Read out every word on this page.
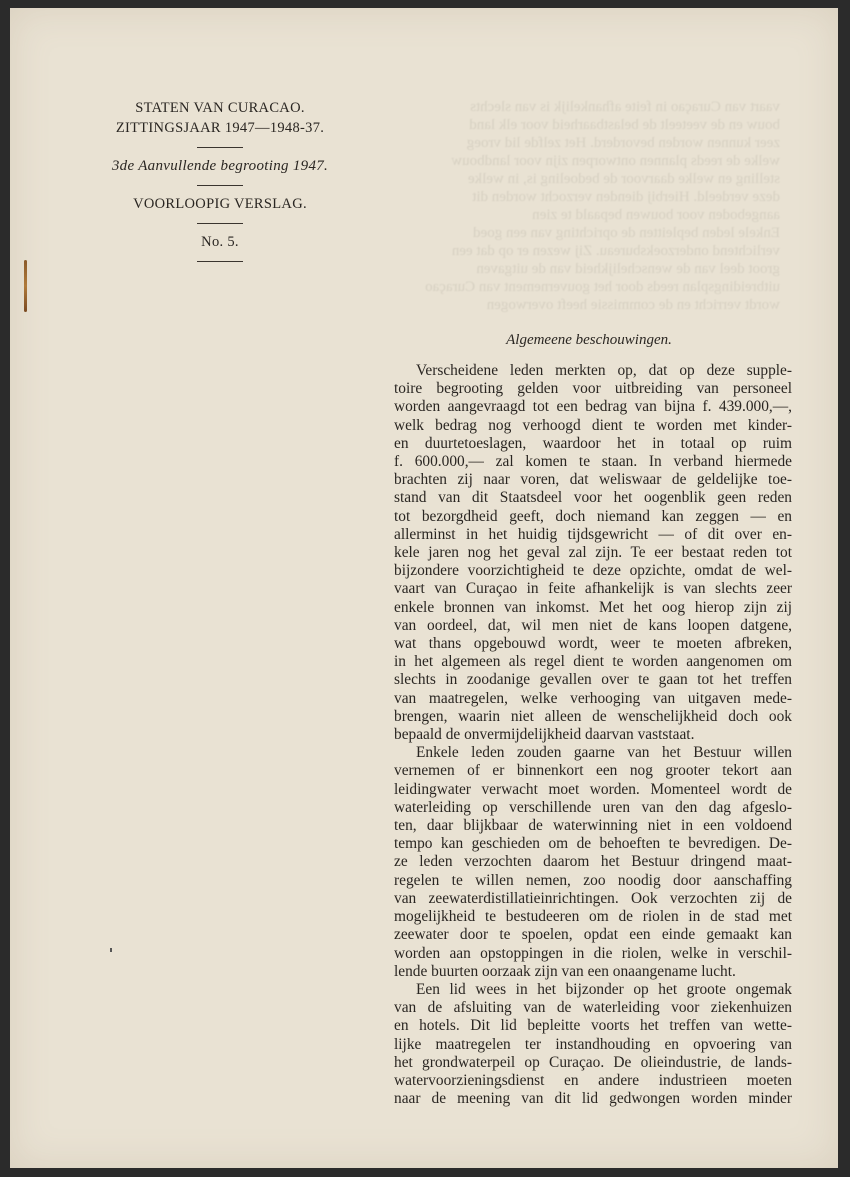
vaart van Curaçao in feite afhankelijk is van slechts
bouw en de veeteelt de belastbaarheid voor elk land
zeer kunnen worden bevorderd. Het zelfde lid vroeg
welke de reeds plannen ontworpen zijn voor landbouw
stelling en welke daarvoor de bedoeling is, in welke
deze verdeeld. Hierbij dienden verzocht worden dit
aangeboden voor bouwen bepaald te zien
Enkele leden bepleitten de oprichting van een goed
verlichtend onderzoeksbureau. Zij wezen er op dat een
groot deel van de wenschelijkheid van de uitgaven
uitbreidingsplan reeds door het gouvernement van Curaçao
wordt verricht en de commissie heeft overwogen
STATEN VAN CURACAO.
ZITTINGSJAAR 1947—1948-37.
3de Aanvullende begrooting 1947.
VOORLOOPIG VERSLAG.
No. 5.
Algemeene beschouwingen.
Verscheidene leden merkten op, dat op deze supple-
toire begrooting gelden voor uitbreiding van personeel
worden aangevraagd tot een bedrag van bijna f. 439.000,—,
welk bedrag nog verhoogd dient te worden met kinder-
en duurtetoeslagen, waardoor het in totaal op ruim
f. 600.000,— zal komen te staan. In verband hiermede
brachten zij naar voren, dat weliswaar de geldelijke toe-
stand van dit Staatsdeel voor het oogenblik geen reden
tot bezorgdheid geeft, doch niemand kan zeggen — en
allerminst in het huidig tijdsgewricht — of dit over en-
kele jaren nog het geval zal zijn. Te eer bestaat reden tot
bijzondere voorzichtigheid te deze opzichte, omdat de wel-
vaart van Curaçao in feite afhankelijk is van slechts zeer
enkele bronnen van inkomst. Met het oog hierop zijn zij
van oordeel, dat, wil men niet de kans loopen datgene,
wat thans opgebouwd wordt, weer te moeten afbreken,
in het algemeen als regel dient te worden aangenomen om
slechts in zoodanige gevallen over te gaan tot het treffen
van maatregelen, welke verhooging van uitgaven mede-
brengen, waarin niet alleen de wenschelijkheid doch ook
bepaald de onvermijdelijkheid daarvan vaststaat.
Enkele leden zouden gaarne van het Bestuur willen
vernemen of er binnenkort een nog grooter tekort aan
leidingwater verwacht moet worden. Momenteel wordt de
waterleiding op verschillende uren van den dag afgeslo-
ten, daar blijkbaar de waterwinning niet in een voldoend
tempo kan geschieden om de behoeften te bevredigen. De-
ze leden verzochten daarom het Bestuur dringend maat-
regelen te willen nemen, zoo noodig door aanschaffing
van zeewaterdistillatieinrichtingen. Ook verzochten zij de
mogelijkheid te bestudeeren om de riolen in de stad met
zeewater door te spoelen, opdat een einde gemaakt kan
worden aan opstoppingen in die riolen, welke in verschil-
lende buurten oorzaak zijn van een onaangename lucht.
Een lid wees in het bijzonder op het groote ongemak
van de afsluiting van de waterleiding voor ziekenhuizen
en hotels. Dit lid bepleitte voorts het treffen van wette-
lijke maatregelen ter instandhouding en opvoering van
het grondwaterpeil op Curaçao. De olieindustrie, de lands-
watervoorzieningsdienst en andere industrieen moeten
naar de meening van dit lid gedwongen worden minder
